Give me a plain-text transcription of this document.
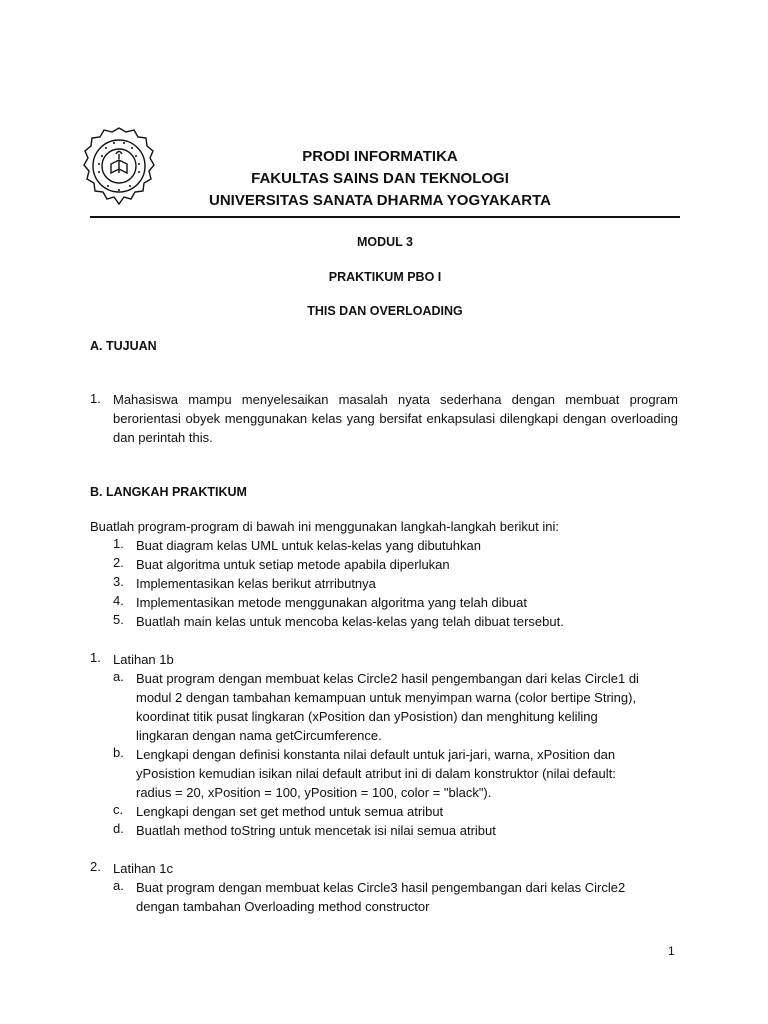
PRODI INFORMATIKA
FAKULTAS SAINS DAN TEKNOLOGI
UNIVERSITAS SANATA DHARMA YOGYAKARTA
MODUL 3
PRAKTIKUM PBO I
THIS DAN OVERLOADING
A. TUJUAN
1. Mahasiswa mampu menyelesaikan masalah nyata sederhana dengan membuat program berorientasi obyek menggunakan kelas yang bersifat enkapsulasi dilengkapi dengan overloading dan perintah this.
B. LANGKAH PRAKTIKUM
Buatlah program-program di bawah ini menggunakan langkah-langkah berikut ini:
1. Buat diagram kelas UML untuk kelas-kelas yang dibutuhkan
2. Buat algoritma untuk setiap metode apabila diperlukan
3. Implementasikan kelas berikut atrributnya
4. Implementasikan metode menggunakan algoritma yang telah dibuat
5. Buatlah main kelas untuk mencoba kelas-kelas yang telah dibuat tersebut.
1. Latihan 1b
a. Buat program dengan membuat kelas Circle2 hasil pengembangan dari kelas Circle1 di
modul 2 dengan tambahan kemampuan untuk menyimpan warna (color bertipe String),
koordinat titik pusat lingkaran (xPosition dan yPosistion) dan menghitung keliling
lingkaran dengan nama getCircumference.
b. Lengkapi dengan definisi konstanta nilai default untuk jari-jari, warna, xPosition dan
yPosistion kemudian isikan nilai default atribut ini di dalam konstruktor (nilai default:
radius = 20, xPosition = 100, yPosition = 100, color = "black").
c. Lengkapi dengan set get method untuk semua atribut
d. Buatlah method toString untuk mencetak isi nilai semua atribut
2. Latihan 1c
a. Buat program dengan membuat kelas Circle3 hasil pengembangan dari kelas Circle2
dengan tambahan Overloading method constructor
1
